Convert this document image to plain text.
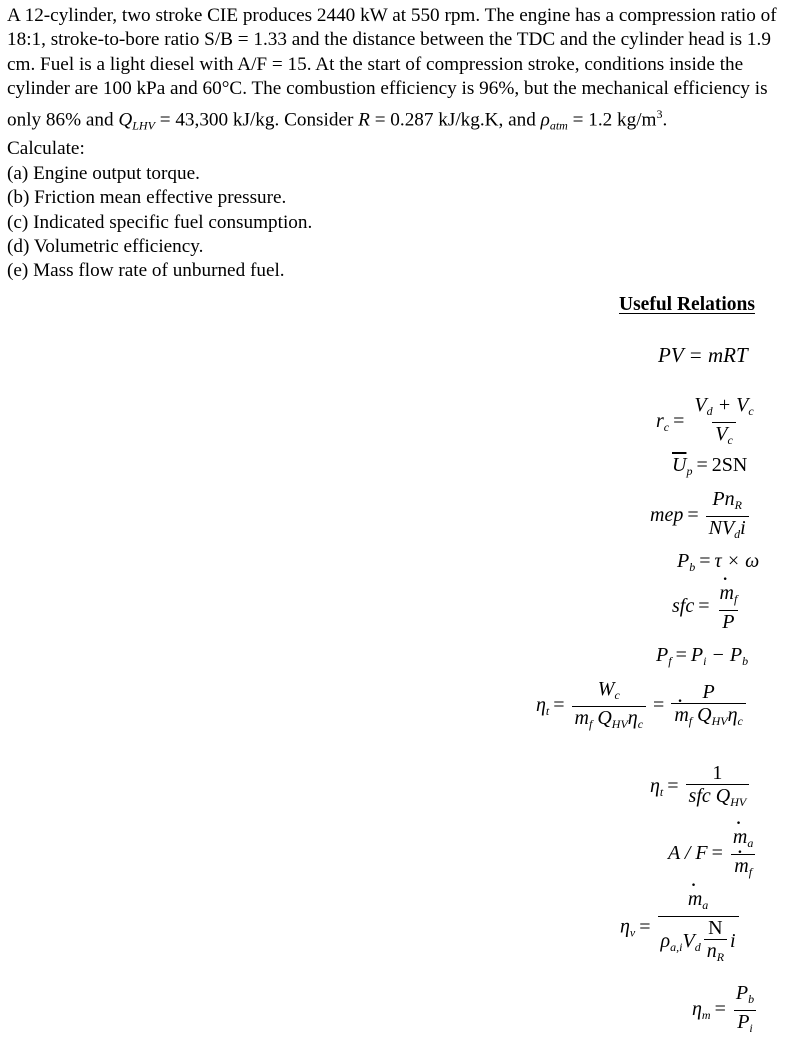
A 12-cylinder, two stroke CIE produces 2440 kW at 550 rpm. The engine has a compression ratio of 18:1, stroke-to-bore ratio S/B = 1.33 and the distance between the TDC and the cylinder head is 1.9 cm. Fuel is a light diesel with A/F = 15. At the start of compression stroke, conditions inside the cylinder are 100 kPa and 60°C. The combustion efficiency is 96%, but the mechanical efficiency is only 86% and $Q_{LHV} = 43,300$ kJ/kg. Consider R = 0.287 kJ/kg.K, and $\rho_{atm} = 1.2$ $kg/m^3$.

Calculate:

(a) Engine output torque.
(b) Friction mean effective pressure.
(c) Indicated specific fuel consumption.
(d) Volumetric efficiency.
(e) Mass flow rate of unburned fuel.
Useful Relations
PV = mRT
$r_c = \frac{V_d + V_c}{V_c}$
$\overline{U}_p = 2SN$
mep = $\frac{Pn_R}{NV_di}$
$P_b = \tau \times \omega$
sfc = · $\frac{m_f}{P}$
$P_f = P_i - P_b$
$\eta_t = \frac{W_c}{m_f Q_{HV}\eta_c} = P$
· $m_f$ $Q_{HV}\eta_c$
$\eta_t = \frac{1}{sfc Q_{HV}}$
A / F = · $m_a$
· $m_f$
$\eta_v$ = · $\frac{m_a}{\rho_{a,i}V_d \frac{N}{n_R} i}$
$\eta_m = \frac{P_b}{P_i}$
